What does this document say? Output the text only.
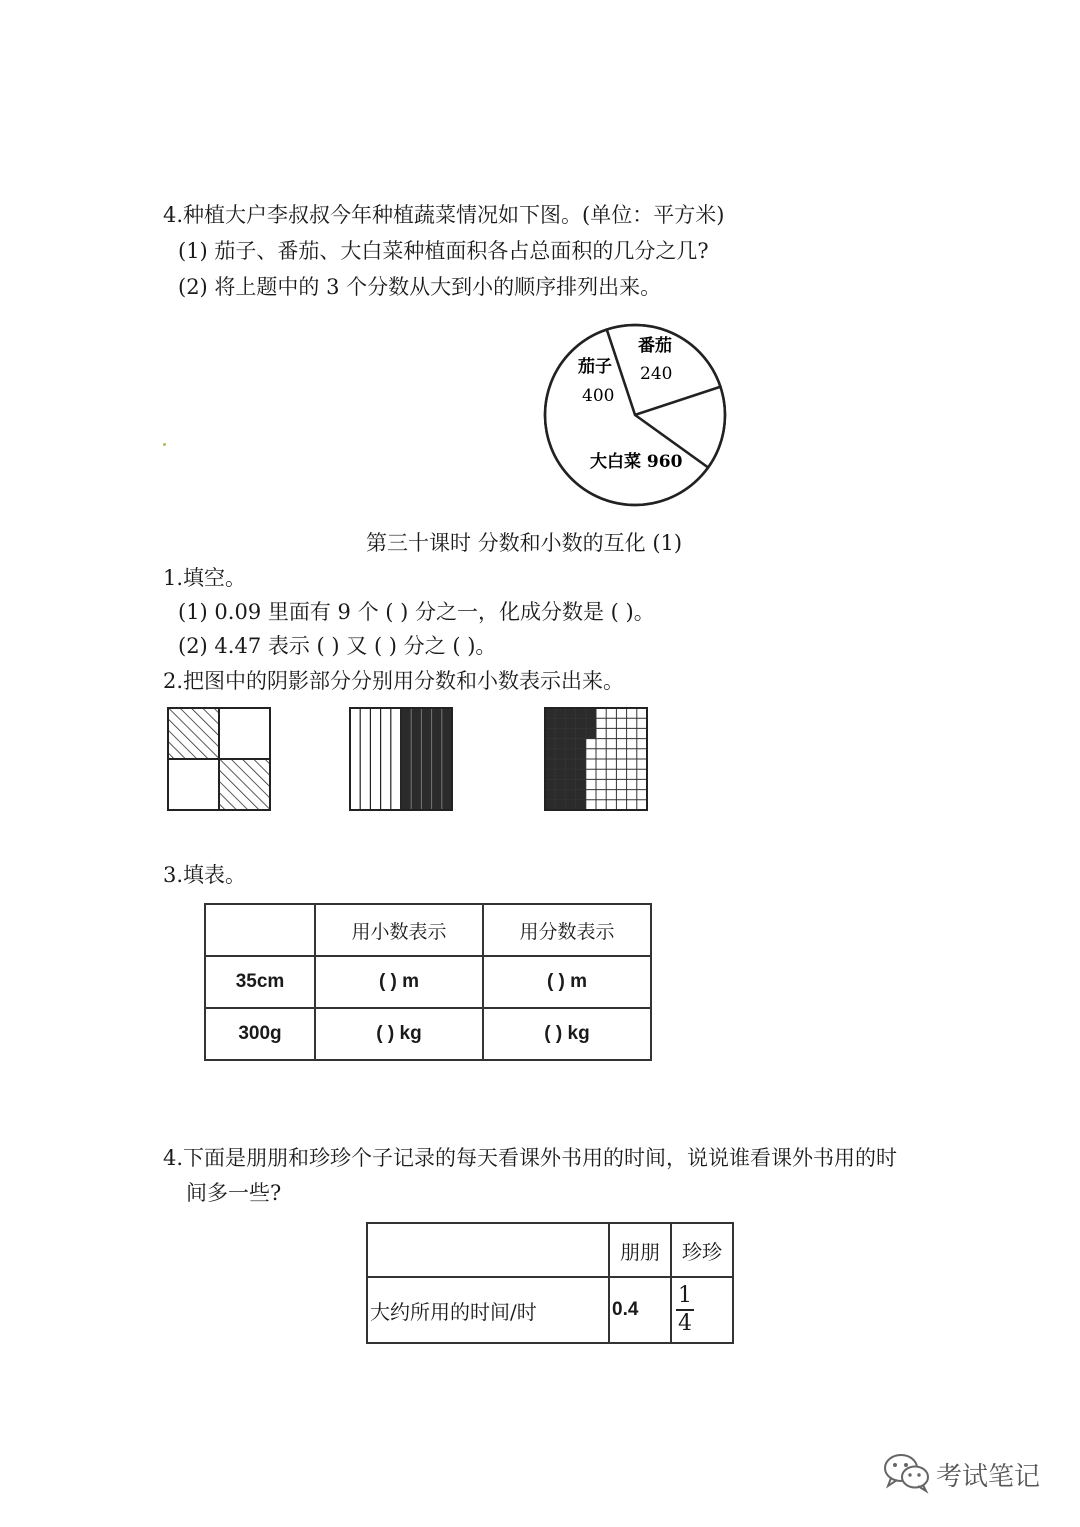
4.种植大户李叔叔今年种植蔬菜情况如下图。(单位：平方米)
(1) 茄子、番茄、大白菜种植面积各占总面积的几分之几?
(2) 将上题中的 3 个分数从大到小的顺序排列出来。
茄子
400
番茄
240
大白菜 960
第三十课时 分数和小数的互化 (1)
1.填空。
(1) 0.09 里面有 9 个 ( ) 分之一，化成分数是 ( )。
(2) 4.47 表示 ( ) 又 ( ) 分之 ( )。
2.把图中的阴影部分分别用分数和小数表示出来。
3.填表。
	用小数表示	用分数表示
35cm	( ) m	( ) m
300g	( ) kg	( ) kg
4.下面是朋朋和珍珍个子记录的每天看课外书用的时间，说说谁看课外书用的时
间多一些?
	朋朋	珍珍
大约所用的时间/时	0.4	$\frac{1}{4}$
考试笔记
